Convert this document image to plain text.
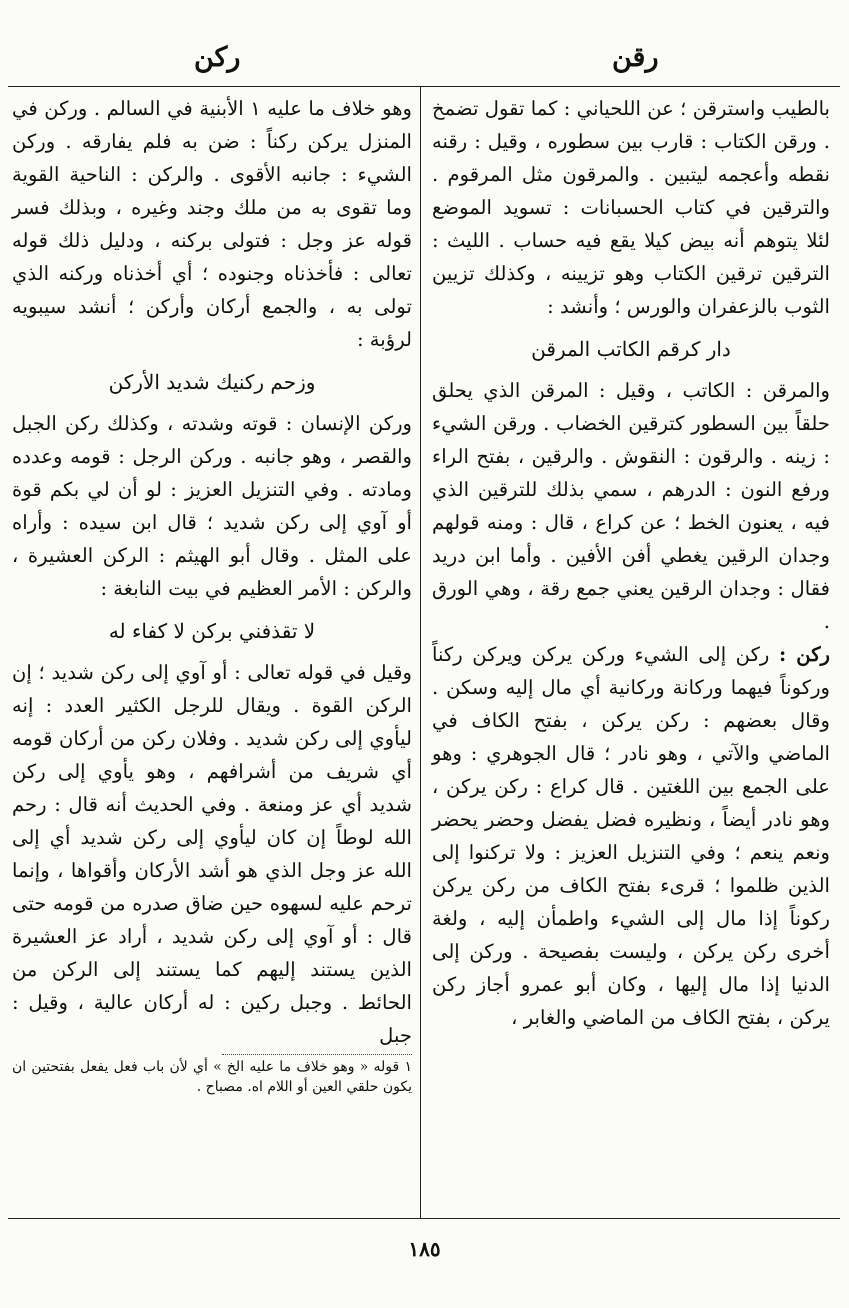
رقن
ركن

بالطيب واسترقن ؛ عن اللحياني : كما تقول تضمخ . ورقن الكتاب : قارب بين سطوره ، وقيل : رقنه نقطه وأعجمه ليتبين . والمرقون مثل المرقوم . والترقين في كتاب الحسبانات : تسويد الموضع لئلا يتوهم أنه بيض كيلا يقع فيه حساب . الليث : الترقين ترقين الكتاب وهو تزيينه ، وكذلك تزيين الثوب بالزعفران والورس ؛ وأنشد :

دار كرقم الكاتب المرقن

والمرقن : الكاتب ، وقيل : المرقن الذي يحلق حلقاً بين السطور كترقين الخضاب . ورقن الشيء : زينه . والرقون : النقوش . والرقين ، بفتح الراء ورفع النون : الدرهم ، سمي بذلك للترقين الذي فيه ، يعنون الخط ؛ عن كراع ، قال : ومنه قولهم وجدان الرقين يغطي أفن الأفين . وأما ابن دريد فقال : وجدان الرقين يعني جمع رقة ، وهي الورق .

ركن : ركن إلى الشيء وركن يركن ويركن ركناً وركوناً فيهما وركانة وركانية أي مال إليه وسكن . وقال بعضهم : ركن يركن ، بفتح الكاف في الماضي والآتي ، وهو نادر ؛ قال الجوهري : وهو على الجمع بين اللغتين . قال كراع : ركن يركن ، وهو نادر أيضاً ، ونظيره فضل يفضل وحضر يحضر ونعم ينعم ؛ وفي التنزيل العزيز : ولا تركنوا إلى الذين ظلموا ؛ قرىء بفتح الكاف من ركن يركن ركوناً إذا مال إلى الشيء واطمأن إليه ، ولغة أخرى ركن يركن ، وليست بفصيحة . وركن إلى الدنيا إذا مال إليها ، وكان أبو عمرو أجاز ركن يركن ، بفتح الكاف من الماضي والغابر ،

وهو خلاف ما عليه ١ الأبنية في السالم . وركن في المنزل يركن ركناً : ضن به فلم يفارقه . وركن الشيء : جانبه الأقوى . والركن : الناحية القوية وما تقوى به من ملك وجند وغيره ، وبذلك فسر قوله عز وجل : فتولى بركنه ، ودليل ذلك قوله تعالى : فأخذناه وجنوده ؛ أي أخذناه وركنه الذي تولى به ، والجمع أركان وأركن ؛ أنشد سيبويه لرؤبة :

وزحم ركنيك شديد الأركن

وركن الإنسان : قوته وشدته ، وكذلك ركن الجبل والقصر ، وهو جانبه . وركن الرجل : قومه وعدده ومادته . وفي التنزيل العزيز : لو أن لي بكم قوة أو آوي إلى ركن شديد ؛ قال ابن سيده : وأراه على المثل . وقال أبو الهيثم : الركن العشيرة ، والركن : الأمر العظيم في بيت النابغة :

لا تقذفني بركن لا كفاء له

وقيل في قوله تعالى : أو آوي إلى ركن شديد ؛ إن الركن القوة . ويقال للرجل الكثير العدد : إنه ليأوي إلى ركن شديد . وفلان ركن من أركان قومه أي شريف من أشرافهم ، وهو يأوي إلى ركن شديد أي عز ومنعة . وفي الحديث أنه قال : رحم الله لوطاً إن كان ليأوي إلى ركن شديد أي إلى الله عز وجل الذي هو أشد الأركان وأقواها ، وإنما ترحم عليه لسهوه حين ضاق صدره من قومه حتى قال : أو آوي إلى ركن شديد ، أراد عز العشيرة الذين يستند إليهم كما يستند إلى الركن من الحائط . وجبل ركين : له أركان عالية ، وقيل : جبل

١ قوله « وهو خلاف ما عليه الخ » أي لأن باب فعل يفعل بفتحتين ان يكون حلقي العين أو اللام اه. مصباح .

١٨٥
